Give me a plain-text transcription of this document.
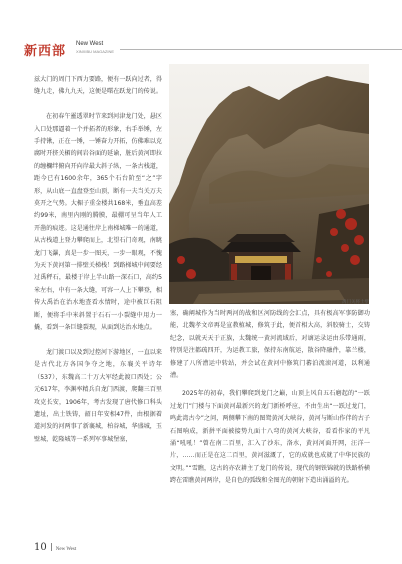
新西部 New West
XINXIBU MAGAZINE

兹大门的周门下西力要路，便有一跃向过者，得缝九走，佛九九天，这便是曙在跃龙门的传说。

在初春午靈透翠时节来到河津龙门处，悬区入口处那逼着一个并拓者的形象，右手举锤，左手持锹，正在一锤，一锤奋力开拓，仿佛难以克腐时开挤关楣的间岩谷面的延谕，脏后黄河即拉的缠欄绊俯向开向岸最大斜子纵，一条古栈道，距今已有1600余年，365个石台阶至“之”字形，从山底一直盘登至山顶，断有一夫当关万夫莫开之气势。大楣子重金楼共168米，垂直高差约99米，南里内刚的腾膜，最棚可呈当年人工开凿的痕迹。这是通往岸上南梯城唯一的通道，从古栈道上登力攀爬而上，北望石门奇观，南眺龙门飞瀑，真是一步一图天，一步一眼观，不愧为天下黄河第一排壁关梯栈！到路梯城中间要经过禹秤石，最楼于岸上半山路一深石口，高约5米左右，中有一条大缝，可容一人上下攀登，相传大禹治在治水地查看水情时，途中被巨石阻断，便将手中米斜置于石石一小裂缝中用力一撬，看到一条巨缝裂现，从面到达治水地点。

龙门渡口以及到过控河下游地区，一直以来是古代北方各国争夺之地，东襄关平诗年（537），东魏高二十万大军经此渡口西处；公元617年，李渊率精兵自龙门西渡，爬翻三百里攻克长安，1906年，考古发现了唐代修口科头遗址，出土铁铸，韶日年安相47件，由根据着道河发的河两事了新襄城，柏谷城，华盛城，玉壁城，乾隆城等一系列军事城堡塞，

禹门关将士壁

塞，确阐城作为当时两河的战和区河防线的会汇点，具有极高军事防御功能，北魏孝文帝再是宣教植城，修筑于此，便首相大高，斜胶骑士，交铸纪念，以就天天于正族，太魏统一黄河流域后，对谪运录运由乐带通雨，特别是注都疏四开，为运教工旅，保持东南航运，散谷降融件，靠兰楼，修建了八所漕运中转站，并会试在黄河中修筑门蕃泊流滚河道，以利通漕。

2025年的初春，我们攀爬到龙门之巅，山顶上风自五石磨起的“一跃过龙门”门楼与下面黄河最新兴的龙门新桥呼应，不由生出“一跃过龙门，鸣此湾古今”之问，两侧攀下南的图鸳黄河大峡谷，黄河与断山作伴的古子石图响成，新拼平面被接势九面十八弯的黄河大峡谷，看看作家的平凡涌“吼吼！”曾在南二百里，汇入了沙东，洛水，黄河河面开网，汪洋一片，……而正是在这二百里，黄河滋溉了，它的成就也成就了中华民族的文明。”“雪瞧，这古的亦农耕主了龙门的传说，现代的钢铁锦就的铁路桥横跨在雷瞧黄河两岸，是自色的弧线和全图光的朝射下造出涌溢的光。

10 New West
